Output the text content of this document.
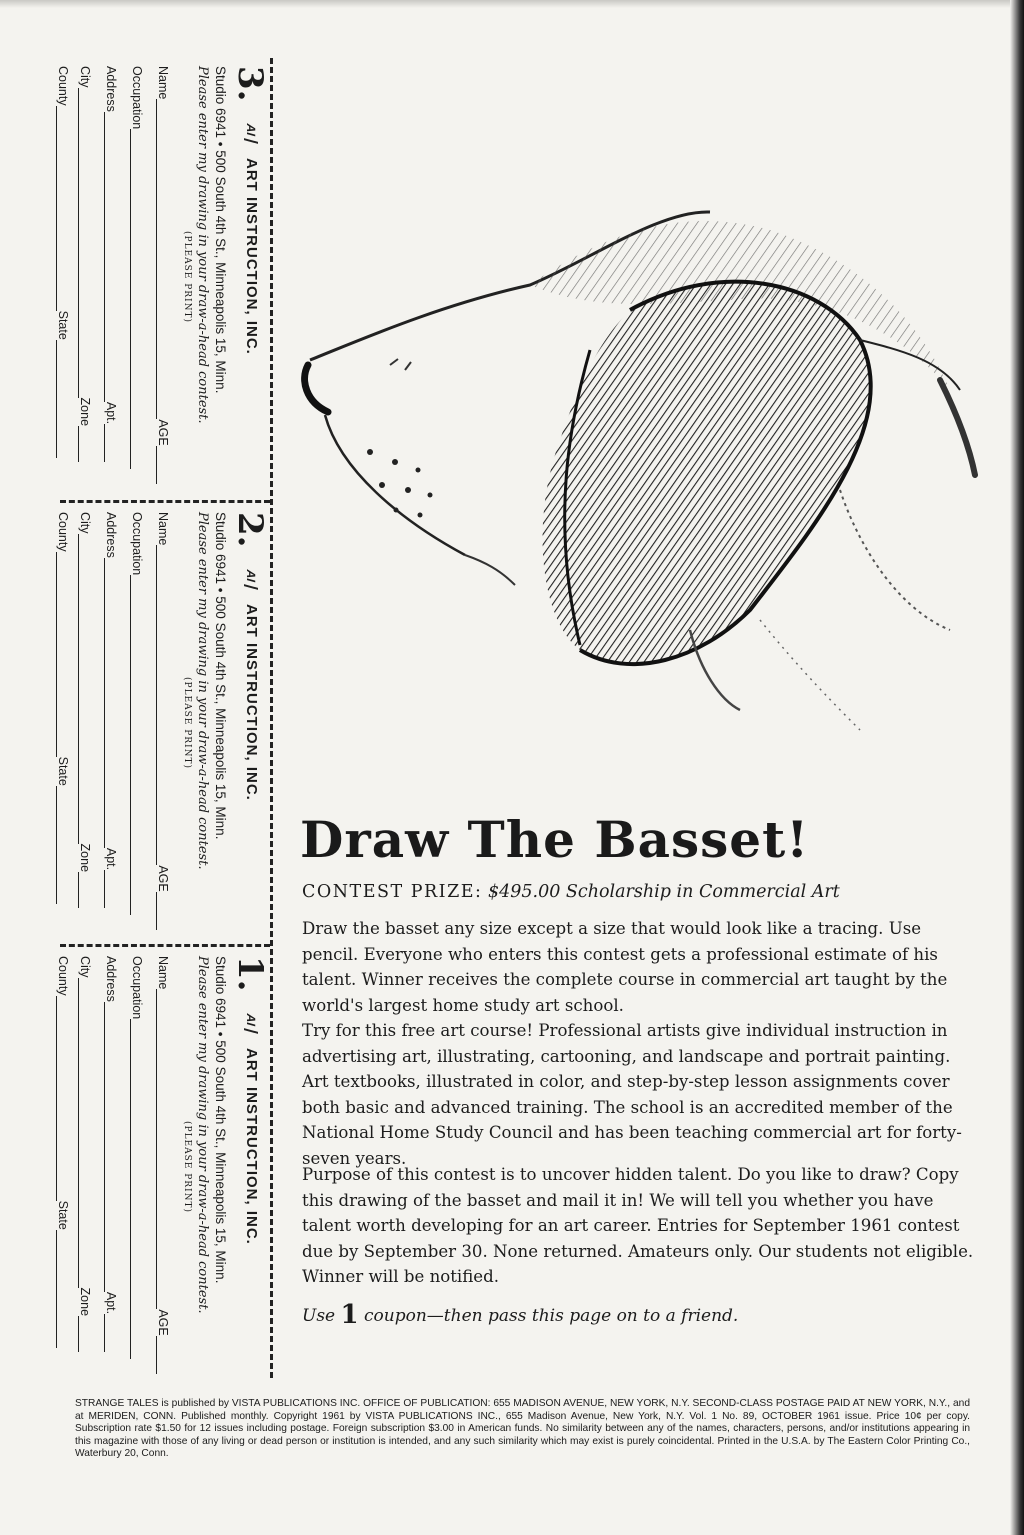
3.
AI
ART INSTRUCTION, INC.
Studio 6941 • 500 South 4th St., Minneapolis 15, Minn.
Please enter my drawing in your draw-a-head contest.
(PLEASE PRINT)
NameAGE
Occupation
AddressApt.
CityZone
CountyState
2.
AI
ART INSTRUCTION, INC.
Studio 6941 • 500 South 4th St., Minneapolis 15, Minn.
Please enter my drawing in your draw-a-head contest.
(PLEASE PRINT)
NameAGE
Occupation
AddressApt.
CityZone
CountyState
1.
AI
ART INSTRUCTION, INC.
Studio 6941 • 500 South 4th St., Minneapolis 15, Minn.
Please enter my drawing in your draw-a-head contest.
(PLEASE PRINT)
NameAGE
Occupation
AddressApt.
CityZone
CountyState
Draw The Basset!
CONTEST PRIZE: $495.00 Scholarship in Commercial Art

Draw the basset any size except a size that would look like a tracing. Use pencil. Everyone who enters this contest gets a professional estimate of his talent. Winner receives the complete course in commercial art taught by the world's largest home study art school.

Try for this free art course! Professional artists give individual instruction in advertising art, illustrating, cartooning, and landscape and portrait painting. Art textbooks, illustrated in color, and step-by-step lesson assignments cover both basic and advanced training. The school is an accredited member of the National Home Study Council and has been teaching commercial art for forty-seven years.

Purpose of this contest is to uncover hidden talent. Do you like to draw? Copy this drawing of the basset and mail it in! We will tell you whether you have talent worth developing for an art career. Entries for September 1961 contest due by September 30. None returned. Amateurs only. Our students not eligible. Winner will be notified.

Use 1 coupon—then pass this page on to a friend.

STRANGE TALES is published by VISTA PUBLICATIONS INC. OFFICE OF PUBLICATION: 655 MADISON AVENUE, NEW YORK, N.Y. SECOND-CLASS POSTAGE PAID AT NEW YORK, N.Y., and at MERIDEN, CONN. Published monthly. Copyright 1961 by VISTA PUBLICATIONS INC., 655 Madison Avenue, New York, N.Y. Vol. 1 No. 89, OCTOBER 1961 issue. Price 10¢ per copy. Subscription rate $1.50 for 12 issues including postage. Foreign subscription $3.00 in American funds. No similarity between any of the names, characters, persons, and/or institutions appearing in this magazine with those of any living or dead person or institution is intended, and any such similarity which may exist is purely coincidental. Printed in the U.S.A. by The Eastern Color Printing Co., Waterbury 20, Conn.
